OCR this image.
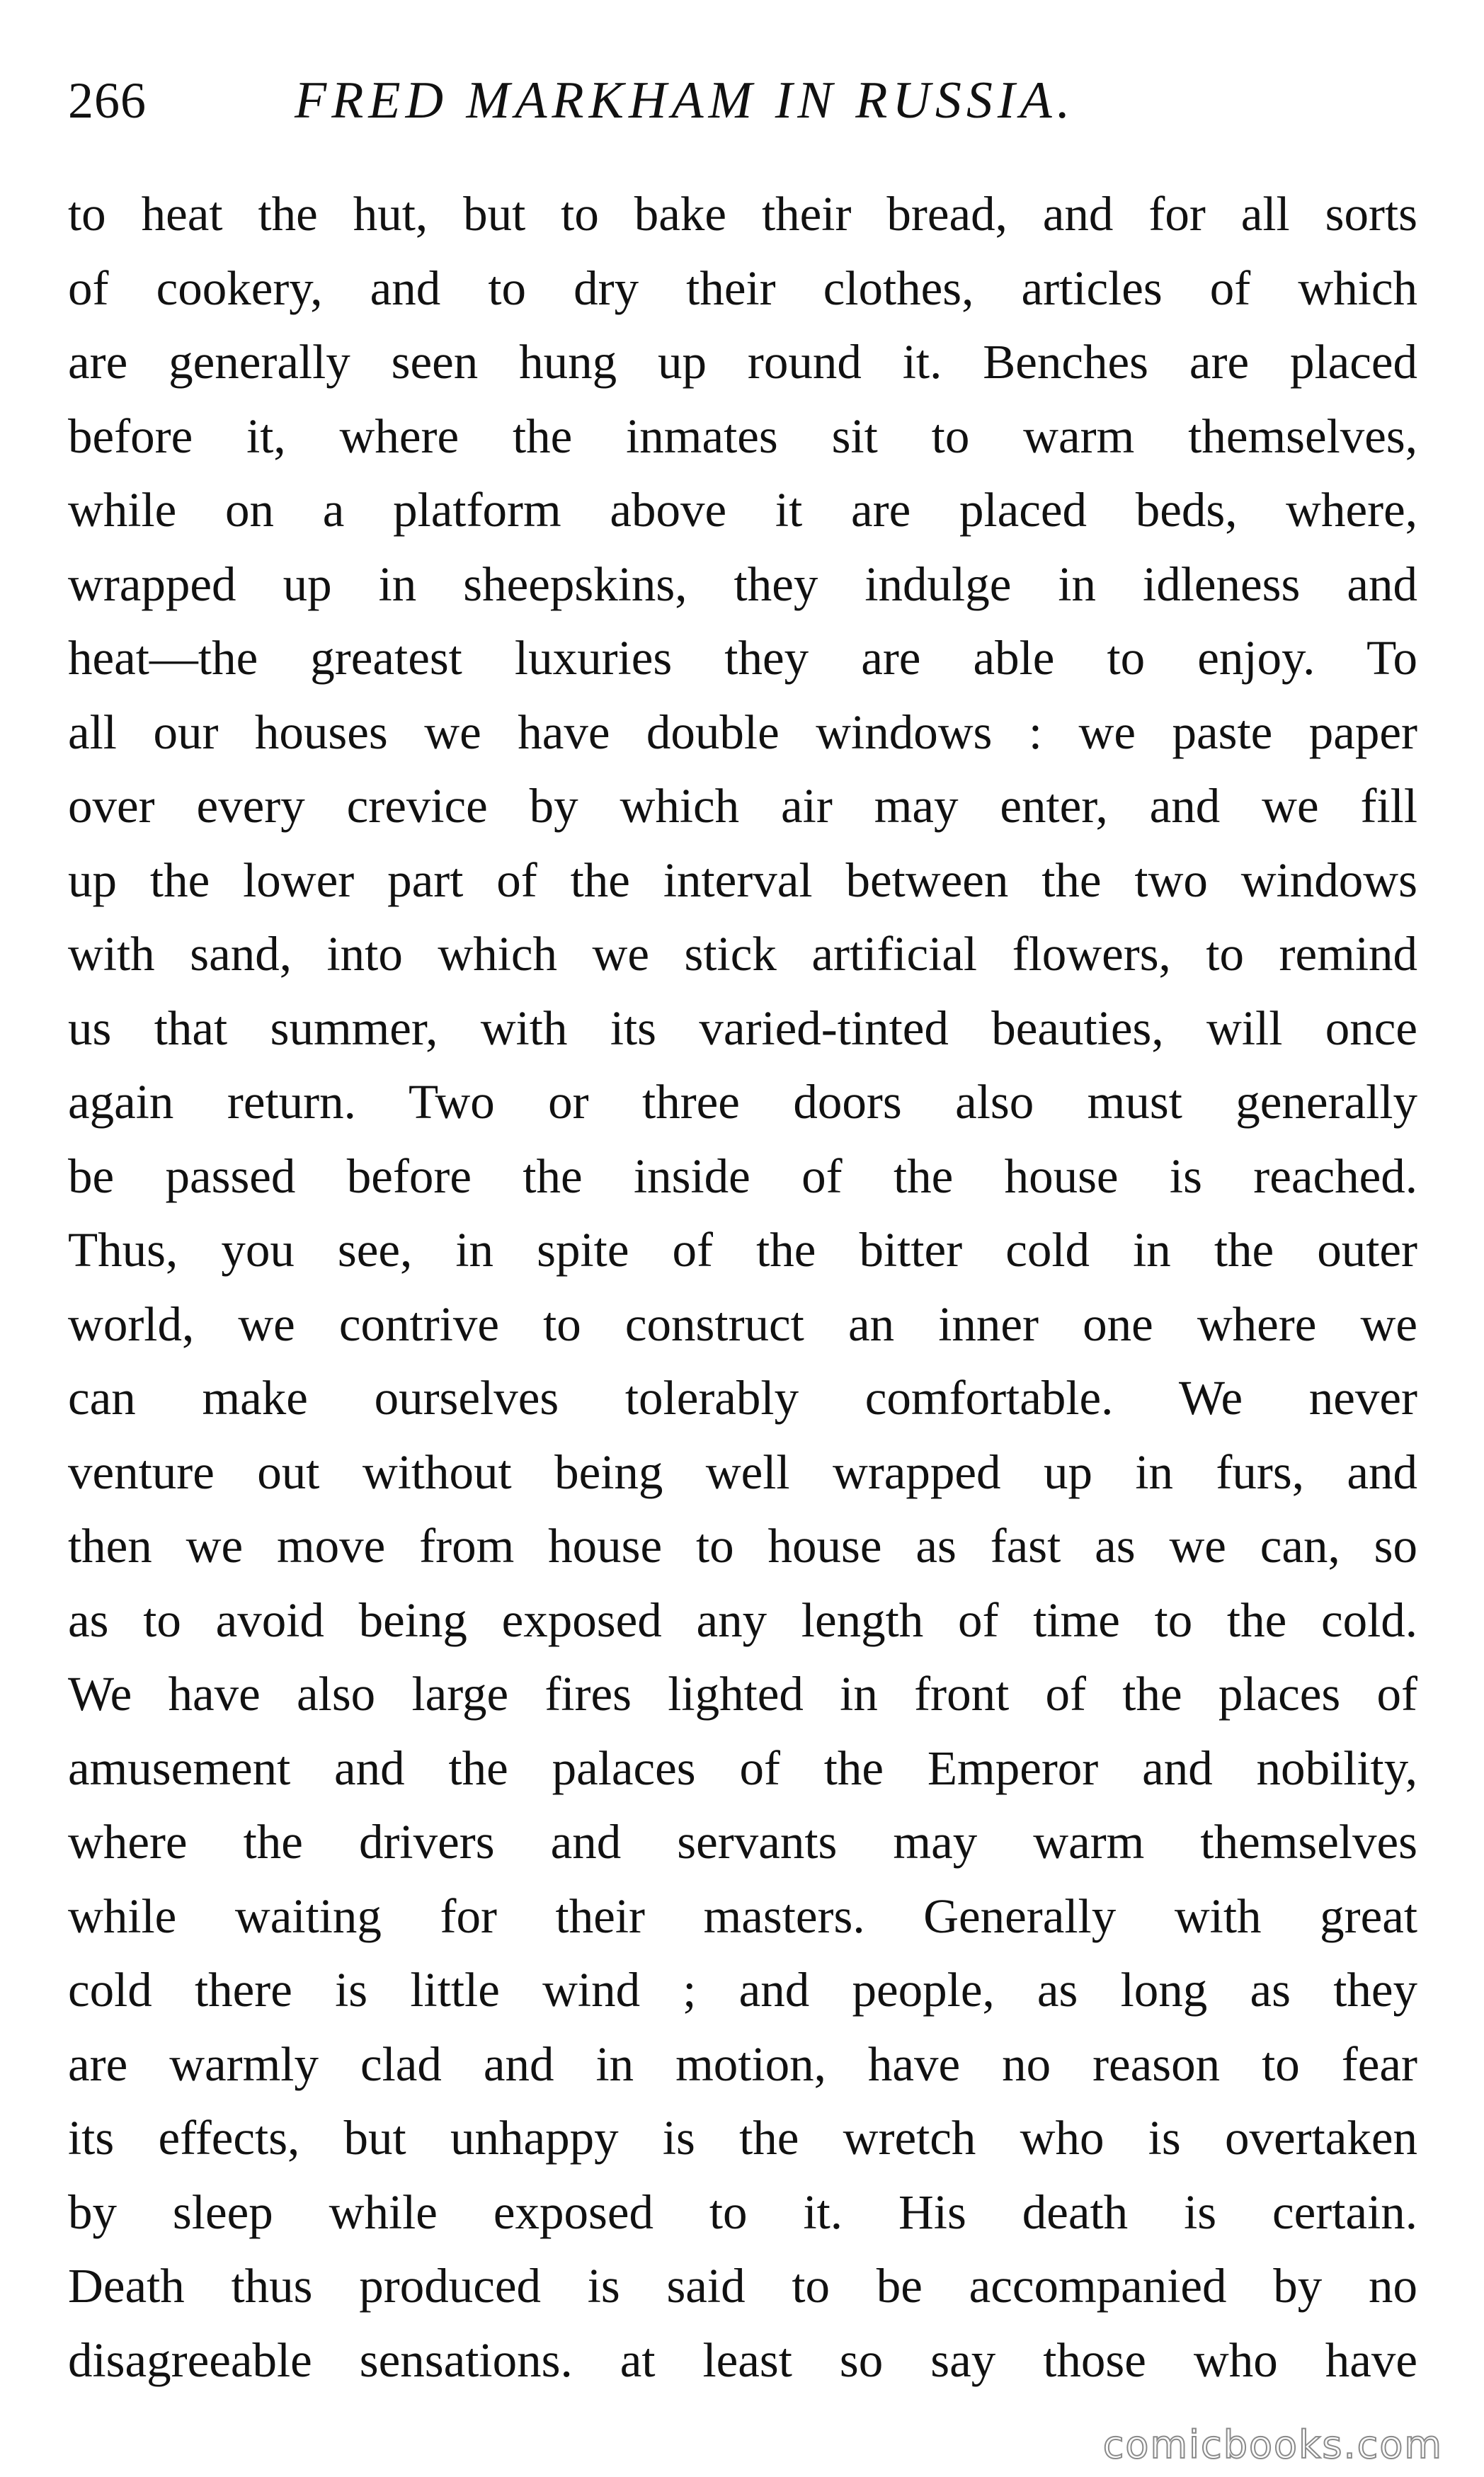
266	FRED MARKHAM IN RUSSIA.
to heat the hut, but to bake their bread, and for all sorts
of cookery, and to dry their clothes, articles of which
are generally seen hung up round it. Benches are placed
before it, where the inmates sit to warm themselves,
while on a platform above it are placed beds, where,
wrapped up in sheepskins, they indulge in idleness and
heat—the greatest luxuries they are able to enjoy. To
all our houses we have double windows : we paste paper
over every crevice by which air may enter, and we fill
up the lower part of the interval between the two windows
with sand, into which we stick artificial flowers, to remind
us that summer, with its varied-tinted beauties, will once
again return. Two or three doors also must generally
be passed before the inside of the house is reached.
Thus, you see, in spite of the bitter cold in the outer
world, we contrive to construct an inner one where we
can make ourselves tolerably comfortable. We never
venture out without being well wrapped up in furs, and
then we move from house to house as fast as we can, so
as to avoid being exposed any length of time to the cold.
We have also large fires lighted in front of the places of
amusement and the palaces of the Emperor and nobility,
where the drivers and servants may warm themselves
while waiting for their masters. Generally with great
cold there is little wind ; and people, as long as they
are warmly clad and in motion, have no reason to fear
its effects, but unhappy is the wretch who is overtaken
by sleep while exposed to it. His death is certain.
Death thus produced is said to be accompanied by no
disagreeable sensations. at least so say those who have
comicbooks.com
